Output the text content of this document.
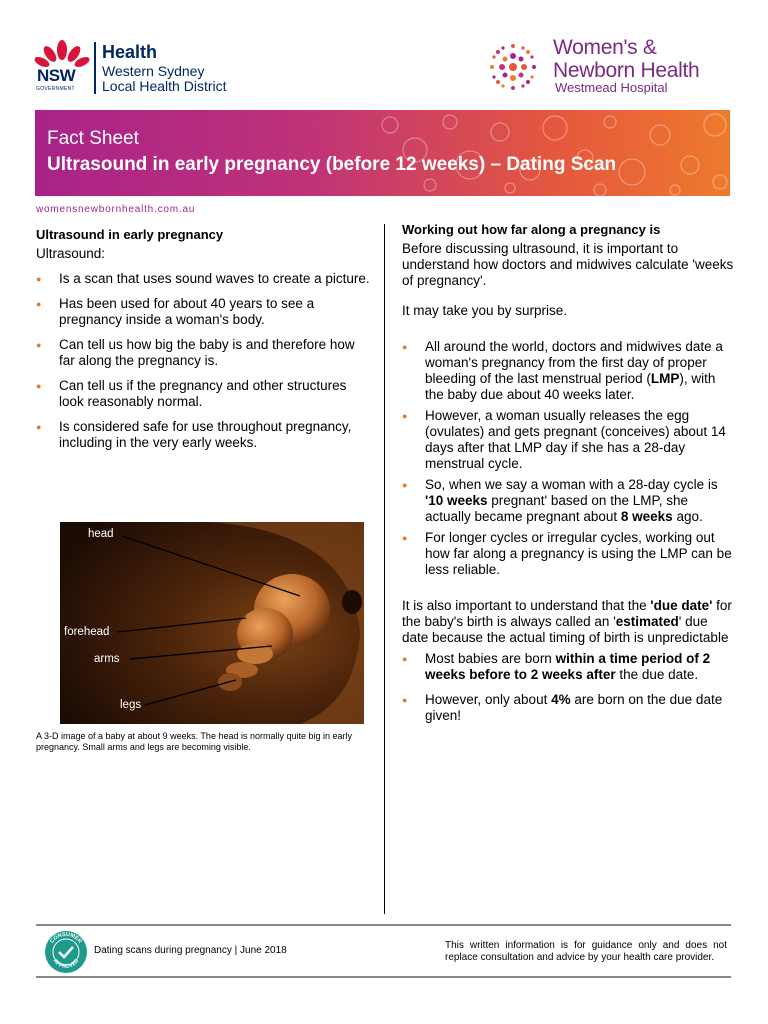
NSW
GOVERNMENT
Health
Western Sydney
Local Health District
Women's &
Newborn Health
Westmead Hospital
Fact Sheet
Ultrasound in early pregnancy (before 12 weeks) – Dating Scan
womensnewbornhealth.com.au
Ultrasound in early pregnancy
Ultrasound:
● Is a scan that uses sound waves to create a picture.
● Has been used for about 40 years to see a pregnancy inside a woman's body.
● Can tell us how big the baby is and therefore how far along the pregnancy is.
● Can tell us if the pregnancy and other structures look reasonably normal.
● Is considered safe for use throughout pregnancy, including in the very early weeks.
head
forehead
arms
legs
A 3-D image of a baby at about 9 weeks. The head is normally quite big in early pregnancy. Small arms and legs are becoming visible.
Working out how far along a pregnancy is
Before discussing ultrasound, it is important to understand how doctors and midwives calculate 'weeks of pregnancy'.
It may take you by surprise.
● All around the world, doctors and midwives date a woman's pregnancy from the first day of proper bleeding of the last menstrual period (LMP), with the baby due about 40 weeks later.
● However, a woman usually releases the egg (ovulates) and gets pregnant (conceives) about 14 days after that LMP day if she has a 28-day menstrual cycle.
● So, when we say a woman with a 28-day cycle is '10 weeks pregnant' based on the LMP, she actually became pregnant about 8 weeks ago.
● For longer cycles or irregular cycles, working out how far along a pregnancy is using the LMP can be less reliable.
It is also important to understand that the 'due date' for the baby's birth is always called an 'estimated' due date because the actual timing of birth is unpredictable
● Most babies are born within a time period of 2 weeks before to 2 weeks after the due date.
● However, only about 4% are born on the due date given!
CONSUMER
APPROVED
Dating scans during pregnancy | June 2018	This written information is for guidance only and does not replace consultation and advice by your health care provider.
